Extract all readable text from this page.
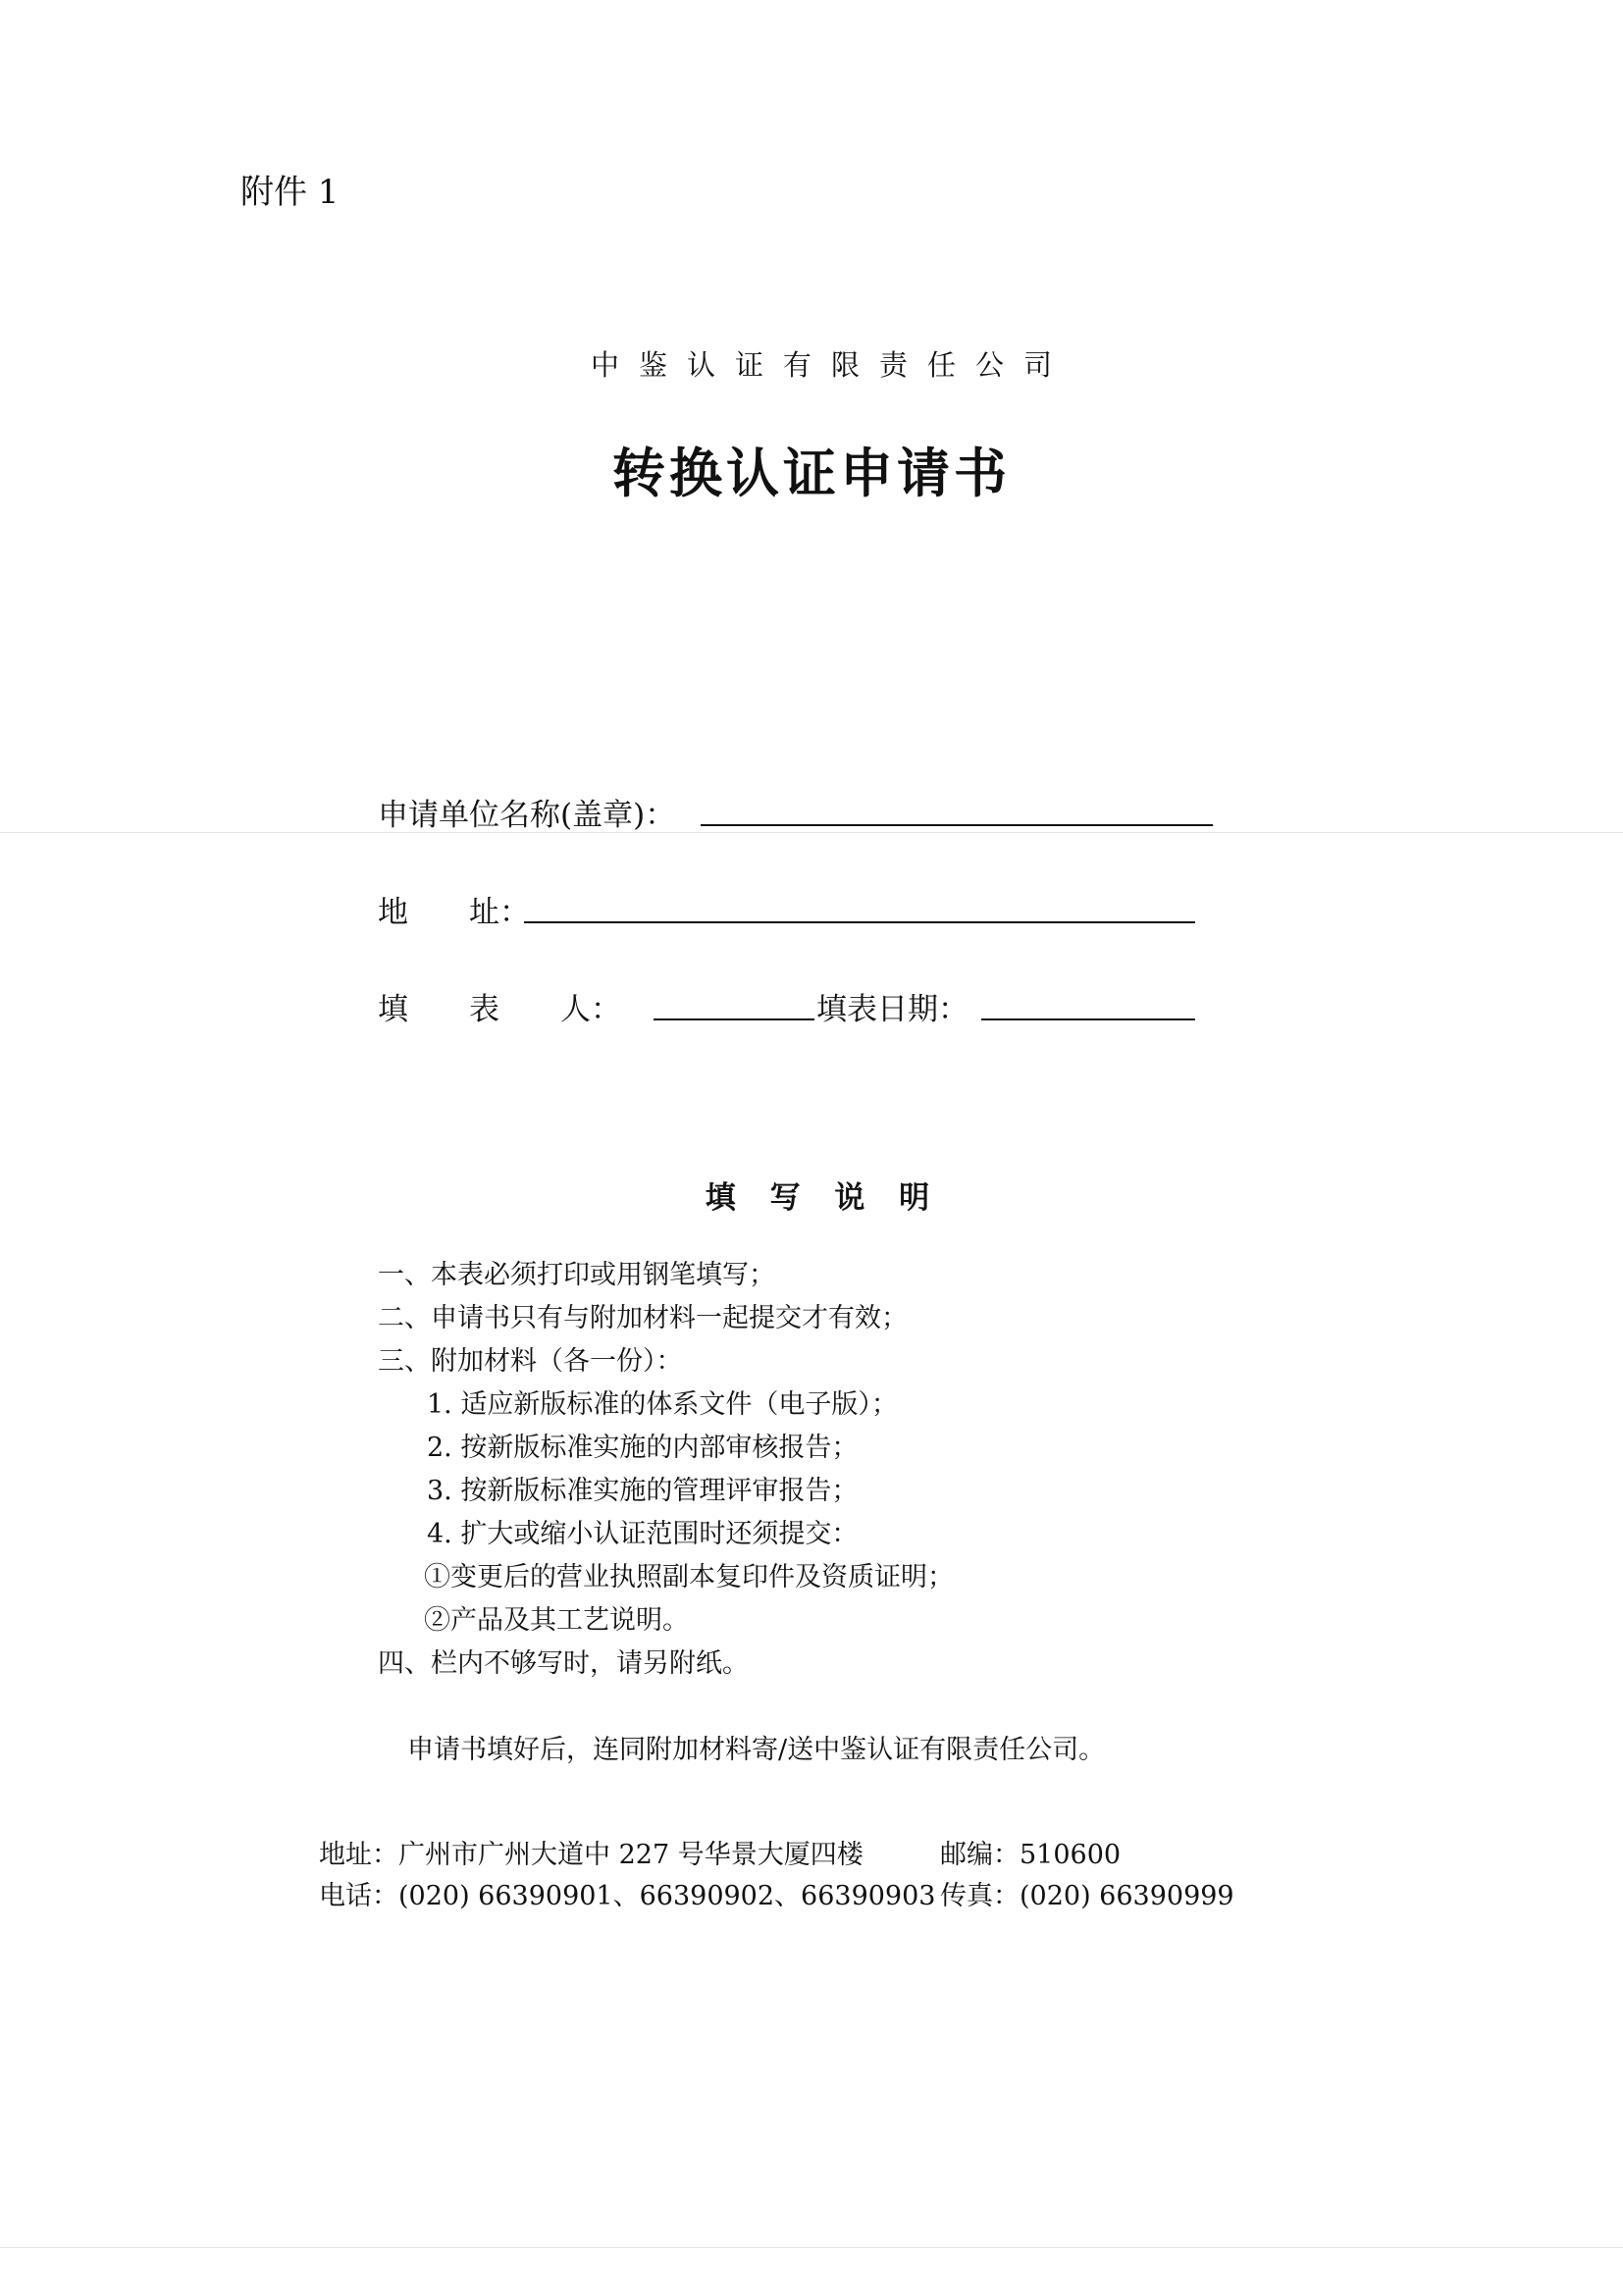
附件 1
中鉴认证有限责任公司
转换认证申请书
申请单位名称(盖章)：
地　　址：
填　　表　　人：	填表日期：
填 写 说 明
一、本表必须打印或用钢笔填写；
二、申请书只有与附加材料一起提交才有效；
三、附加材料（各一份）：
1. 适应新版标准的体系文件（电子版）；
2. 按新版标准实施的内部审核报告；
3. 按新版标准实施的管理评审报告；
4. 扩大或缩小认证范围时还须提交：
①变更后的营业执照副本复印件及资质证明；
②产品及其工艺说明。
四、栏内不够写时，请另附纸。
申请书填好后，连同附加材料寄/送中鉴认证有限责任公司。
地址：广州市广州大道中 227 号华景大厦四楼	邮编：510600
电话：(020) 66390901、66390902、66390903 传真：(020) 66390999
